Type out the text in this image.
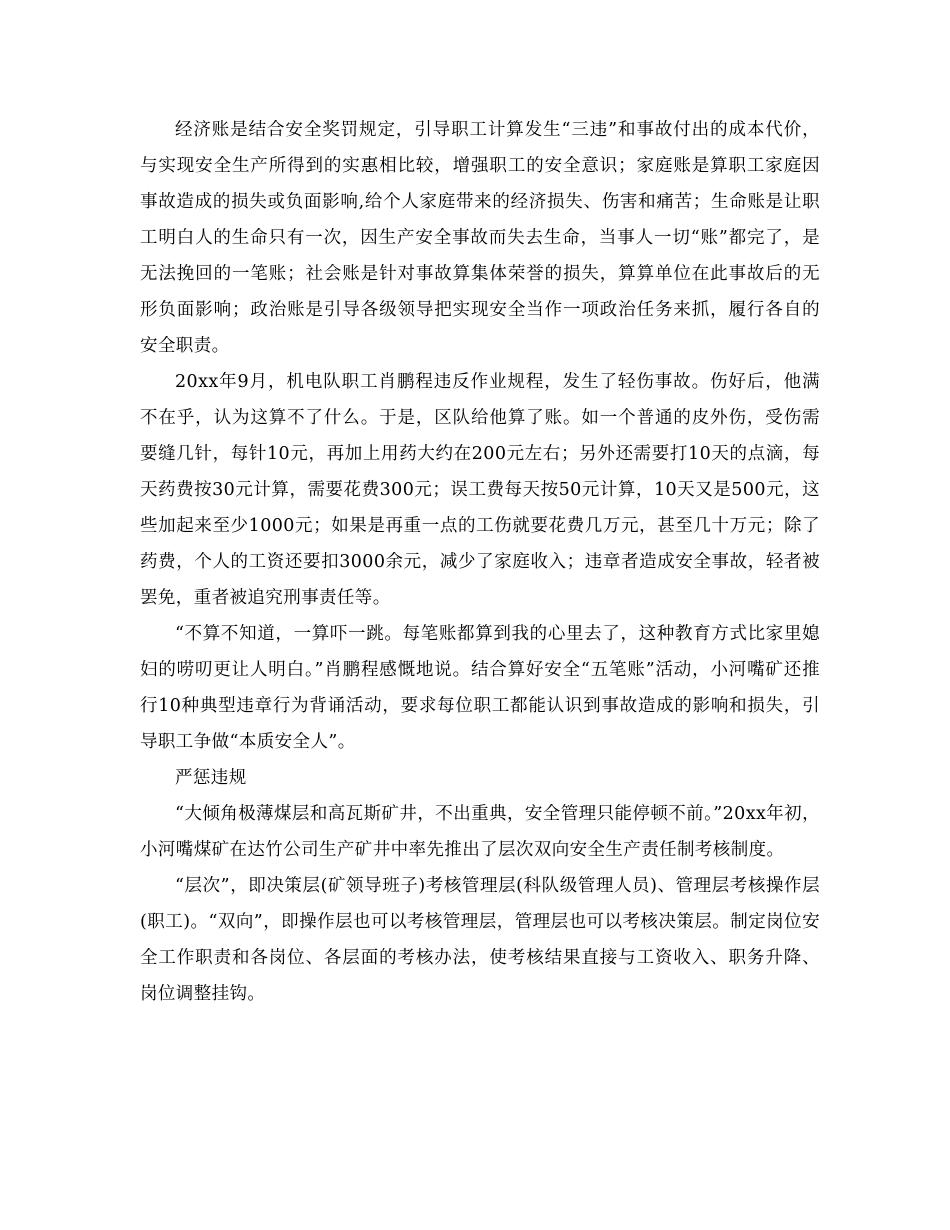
经济账是结合安全奖罚规定，引导职工计算发生“三违”和事故付出的成本代价，与实现安全生产所得到的实惠相比较，增强职工的安全意识；家庭账是算职工家庭因事故造成的损失或负面影响,给个人家庭带来的经济损失、伤害和痛苦；生命账是让职工明白人的生命只有一次，因生产安全事故而失去生命，当事人一切“账”都完了，是无法挽回的一笔账；社会账是针对事故算集体荣誉的损失，算算单位在此事故后的无形负面影响；政治账是引导各级领导把实现安全当作一项政治任务来抓，履行各自的安全职责。

20xx年9月，机电队职工肖鹏程违反作业规程，发生了轻伤事故。伤好后，他满不在乎，认为这算不了什么。于是，区队给他算了账。如一个普通的皮外伤，受伤需要缝几针，每针10元，再加上用药大约在200元左右；另外还需要打10天的点滴，每天药费按30元计算，需要花费300元；误工费每天按50元计算，10天又是500元，这些加起来至少1000元；如果是再重一点的工伤就要花费几万元，甚至几十万元；除了药费，个人的工资还要扣3000余元，减少了家庭收入；违章者造成安全事故，轻者被罢免，重者被追究刑事责任等。

“不算不知道，一算吓一跳。每笔账都算到我的心里去了，这种教育方式比家里媳妇的唠叨更让人明白。”肖鹏程感慨地说。结合算好安全“五笔账”活动，小河嘴矿还推行10种典型违章行为背诵活动，要求每位职工都能认识到事故造成的影响和损失，引导职工争做“本质安全人”。

严惩违规

“大倾角极薄煤层和高瓦斯矿井，不出重典，安全管理只能停顿不前。”20xx年初，小河嘴煤矿在达竹公司生产矿井中率先推出了层次双向安全生产责任制考核制度。

“层次”，即决策层(矿领导班子)考核管理层(科队级管理人员)、管理层考核操作层(职工)。“双向”，即操作层也可以考核管理层，管理层也可以考核决策层。制定岗位安全工作职责和各岗位、各层面的考核办法，使考核结果直接与工资收入、职务升降、岗位调整挂钩。
